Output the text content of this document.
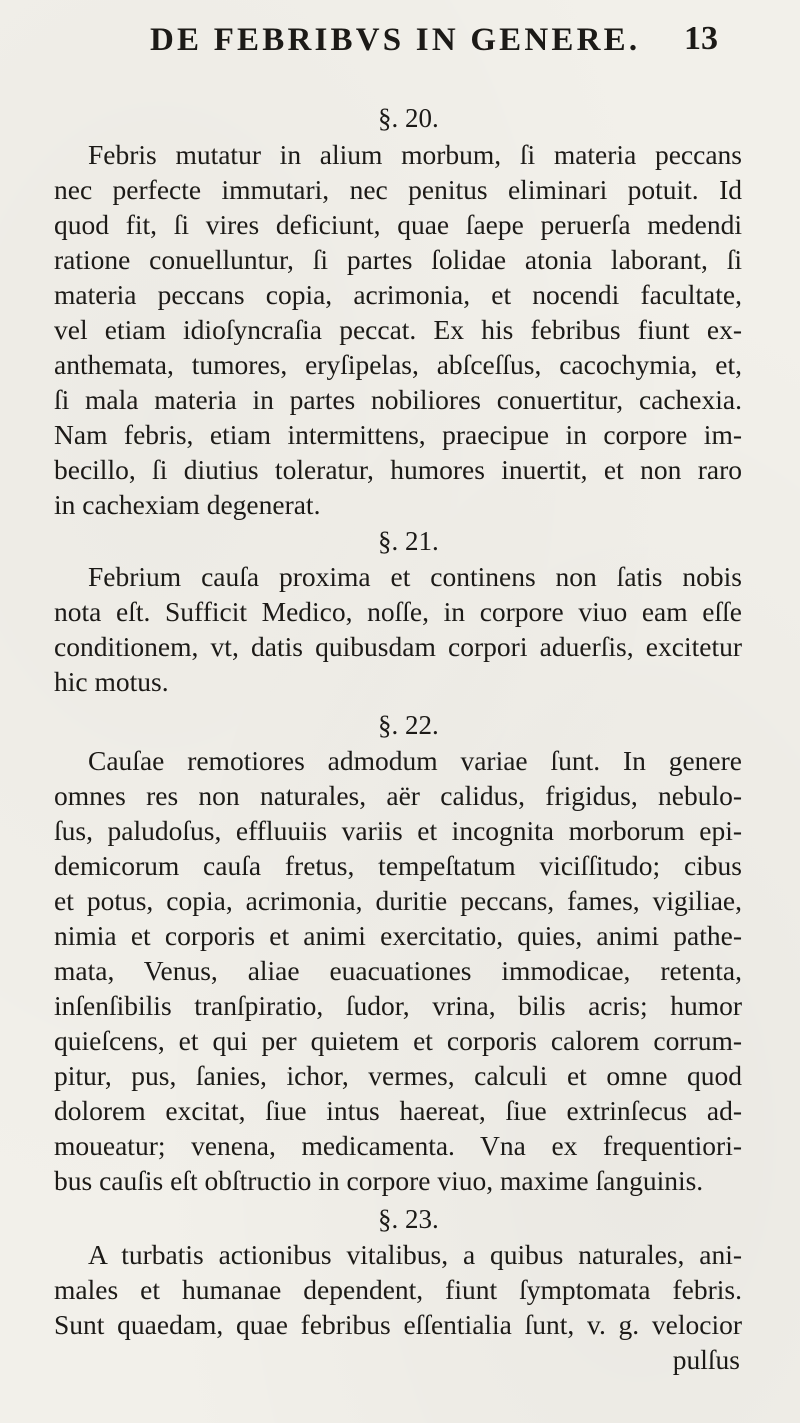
DE FEBRIBVS IN GENERE. 13
§. 20.
Febris mutatur in alium morbum, ſi materia peccans
nec perfecte immutari, nec penitus eliminari potuit. Id
quod fit, ſi vires deficiunt, quae ſaepe peruerſa medendi
ratione conuelluntur, ſi partes ſolidae atonia laborant, ſi
materia peccans copia, acrimonia, et nocendi facultate,
vel etiam idioſyncraſia peccat. Ex his febribus fiunt ex-
anthemata, tumores, eryſipelas, abſceſſus, cacochymia, et,
ſi mala materia in partes nobiliores conuertitur, cachexia.
Nam febris, etiam intermittens, praecipue in corpore im-
becillo, ſi diutius toleratur, humores inuertit, et non raro
in cachexiam degenerat.
§. 21.
Febrium cauſa proxima et continens non ſatis nobis
nota eſt. Sufficit Medico, noſſe, in corpore viuo eam eſſe
conditionem, vt, datis quibusdam corpori aduerſis, excitetur
hic motus.
§. 22.
Cauſae remotiores admodum variae ſunt. In genere
omnes res non naturales, aër calidus, frigidus, nebulo-
ſus, paludoſus, effluuiis variis et incognita morborum epi-
demicorum cauſa fretus, tempeſtatum viciſſitudo; cibus
et potus, copia, acrimonia, duritie peccans, fames, vigiliae,
nimia et corporis et animi exercitatio, quies, animi pathe-
mata, Venus, aliae euacuationes immodicae, retenta,
inſenſibilis tranſpiratio, ſudor, vrina, bilis acris; humor
quieſcens, et qui per quietem et corporis calorem corrum-
pitur, pus, ſanies, ichor, vermes, calculi et omne quod
dolorem excitat, ſiue intus haereat, ſiue extrinſecus ad-
moueatur; venena, medicamenta. Vna ex frequentiori-
bus cauſis eſt obſtructio in corpore viuo, maxime ſanguinis.
§. 23.
A turbatis actionibus vitalibus, a quibus naturales, ani-
males et humanae dependent, fiunt ſymptomata febris.
Sunt quaedam, quae febribus eſſentialia ſunt, v. g. velocior
pulſus
